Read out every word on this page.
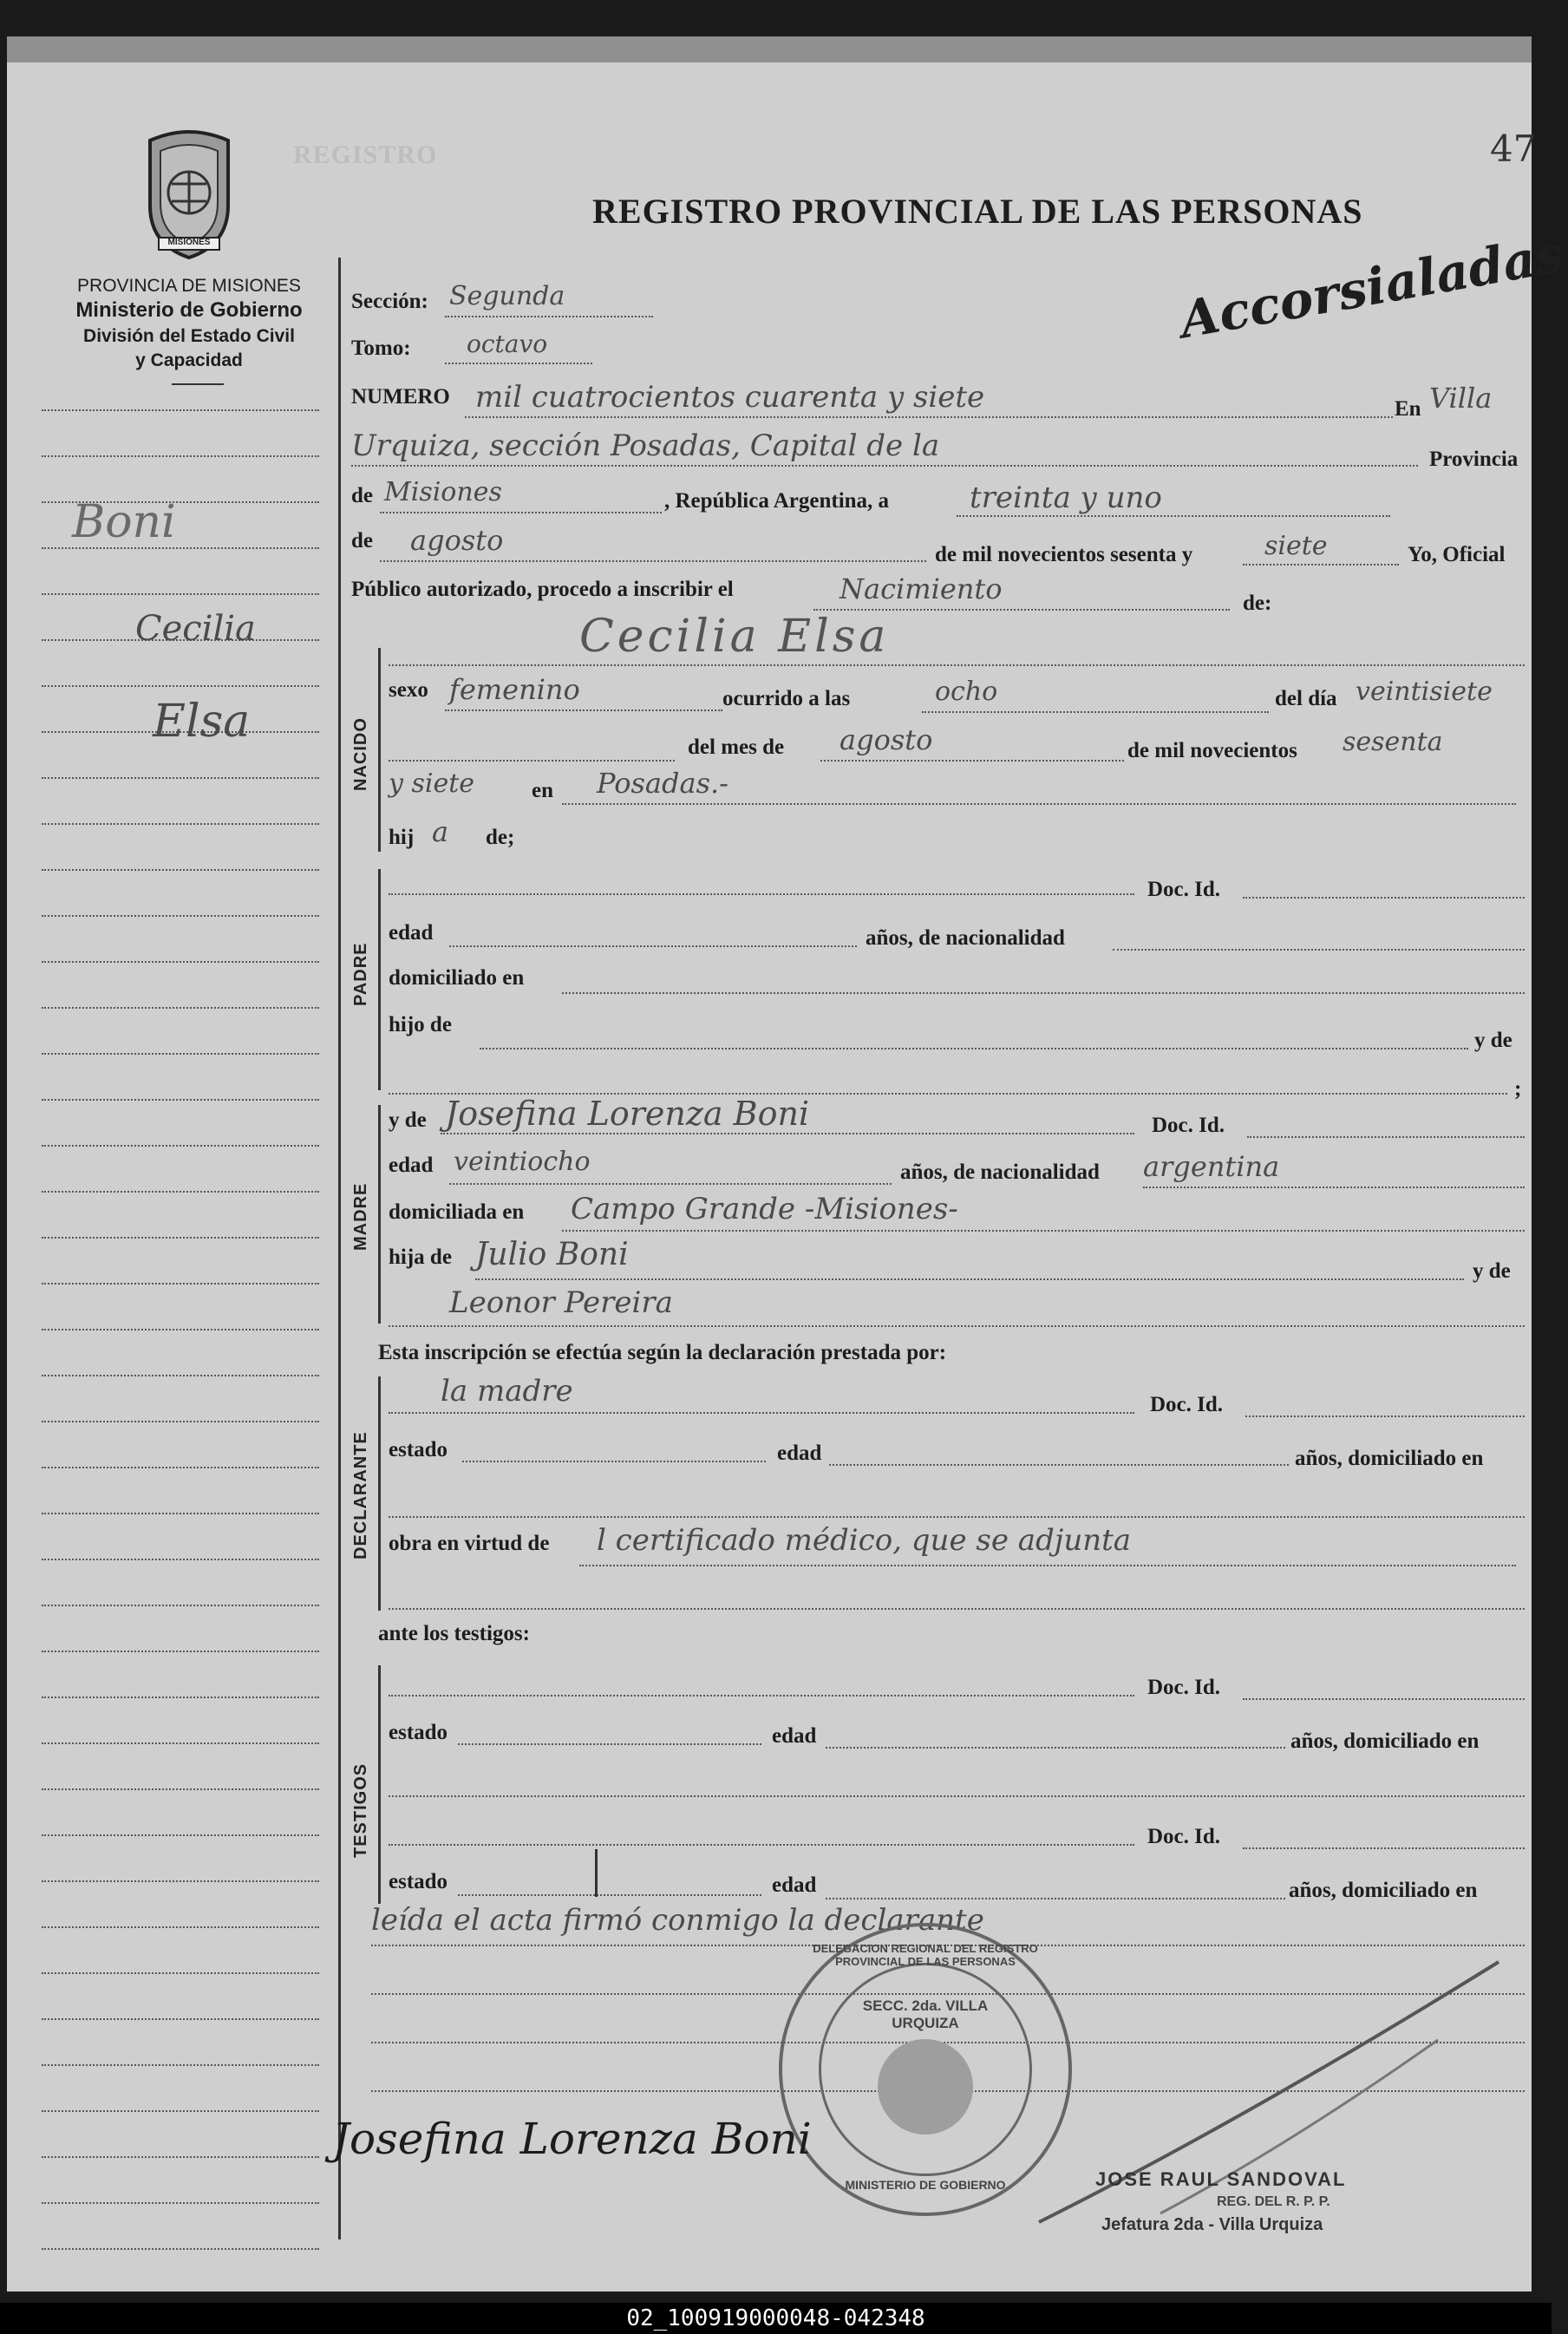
REGISTRO	47
MISIONES
PROVINCIA DE MISIONES
Ministerio de Gobierno
División del Estado Civil
y Capacidad
REGISTRO PROVINCIAL DE LAS PERSONAS
Accorsialadas
Boni
Cecilia
Elsa
Sección: Segunda
Tomo: octavo
NUMERO mil cuatrocientos cuarenta y siete	En Villa
Urquiza, sección Posadas, Capital de la	Provincia
de Misiones	, República Argentina, a	treinta y uno
de agosto	de mil novecientos sesenta y	siete	Yo, Oficial
Público autorizado, procedo a inscribir el	Nacimiento	de:
NACIDO
Cecilia Elsa
sexo femenino	ocurrido a las	ocho	del día veintisiete
del mes de agosto	de mil novecientos sesenta
y siete	en Posadas.-
hij a de;
PADRE
Doc. Id.
edad	años, de nacionalidad
domiciliado en
hijo de
y de
;
MADRE
y de Josefina Lorenza Boni	Doc. Id.
edad veintiocho	años, de nacionalidad argentina
domiciliada en Campo Grande -Misiones-
hija de Julio Boni	y de
Leonor Pereira
Esta inscripción se efectúa según la declaración prestada por:
DECLARANTE
la madre	Doc. Id.
estado	edad	años, domiciliado en
obra en virtud de l certificado médico, que se adjunta
ante los testigos:
TESTIGOS
Doc. Id.
estado	edad	años, domiciliado en
Doc. Id.
estado	edad	años, domiciliado en
leída el acta firmó conmigo la declarante
DELEGACION REGIONAL DEL REGISTRO PROVINCIAL DE LAS PERSONAS
SECC. 2da. VILLA URQUIZA
MINISTERIO DE GOBIERNO
Josefina Lorenza Boni
JOSE RAUL SANDOVAL
REG. DEL R. P. P.
Jefatura 2da - Villa Urquiza
02_100919000048-042348
